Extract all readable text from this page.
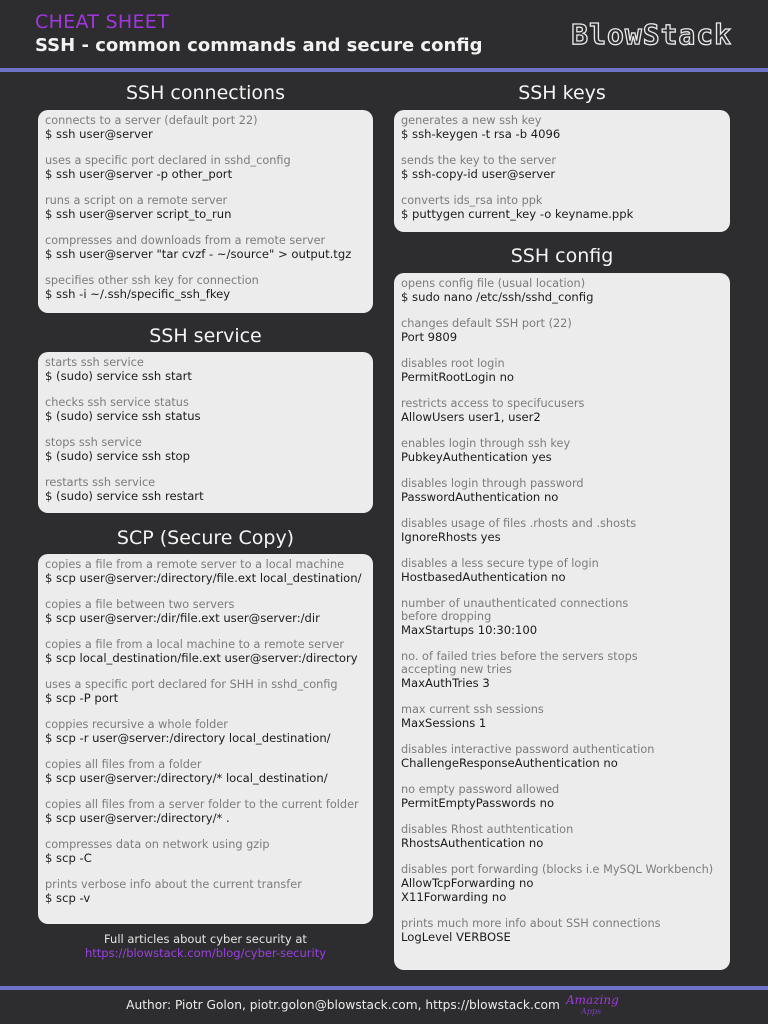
CHEAT SHEET
SSH - common commands and secure config	BlowStack
SSH connections
connects to a server (default port 22)
$ ssh user@server
uses a specific port declared in sshd_config
$ ssh user@server -p other_port
runs a script on a remote server
$ ssh user@server script_to_run
compresses and downloads from a remote server
$ ssh user@server "tar cvzf - ~/source" > output.tgz
specifies other ssh key for connection
$ ssh -i ~/.ssh/specific_ssh_fkey
SSH service
starts ssh service
$ (sudo) service ssh start
checks ssh service status
$ (sudo) service ssh status
stops ssh service
$ (sudo) service ssh stop
restarts ssh service
$ (sudo) service ssh restart
SCP (Secure Copy)
copies a file from a remote server to a local machine
$ scp user@server:/directory/file.ext local_destination/
copies a file between two servers
$ scp user@server:/dir/file.ext user@server:/dir
copies a file from a local machine to a remote server
$ scp local_destination/file.ext user@server:/directory
uses a specific port declared for SHH in sshd_config
$ scp -P port
coppies recursive a whole folder
$ scp -r user@server:/directory local_destination/
copies all files from a folder
$ scp user@server:/directory/* local_destination/
copies all files from a server folder to the current folder
$ scp user@server:/directory/* .
compresses data on network using gzip
$ scp -C
prints verbose info about the current transfer
$ scp -v
Full articles about cyber security at
https://blowstack.com/blog/cyber-security
SSH keys
generates a new ssh key
$ ssh-keygen -t rsa -b 4096
sends the key to the server
$ ssh-copy-id user@server
converts ids_rsa into ppk
$ puttygen current_key -o keyname.ppk
SSH config
opens config file (usual location)
$ sudo nano /etc/ssh/sshd_config
changes default SSH port (22)
Port 9809
disables root login
PermitRootLogin no
restricts access to specifucusers
AllowUsers user1, user2
enables login through ssh key
PubkeyAuthentication yes
disables login through password
PasswordAuthentication no
disables usage of files .rhosts and .shosts
IgnoreRhosts yes
disables a less secure type of login
HostbasedAuthentication no
number of unauthenticated connections
before dropping
MaxStartups 10:30:100
no. of failed tries before the servers stops
accepting new tries
MaxAuthTries 3
max current ssh sessions
MaxSessions 1
disables interactive password authentication
ChallengeResponseAuthentication no
no empty password allowed
PermitEmptyPasswords no
disables Rhost authtentication
RhostsAuthentication no
disables port forwarding (blocks i.e MySQL Workbench)
AllowTcpForwarding no
X11Forwarding no
prints much more info about SSH connections
LogLevel VERBOSE
Author: Piotr Golon, piotr.golon@blowstack.com, https://blowstack.com Amazing
Apps
